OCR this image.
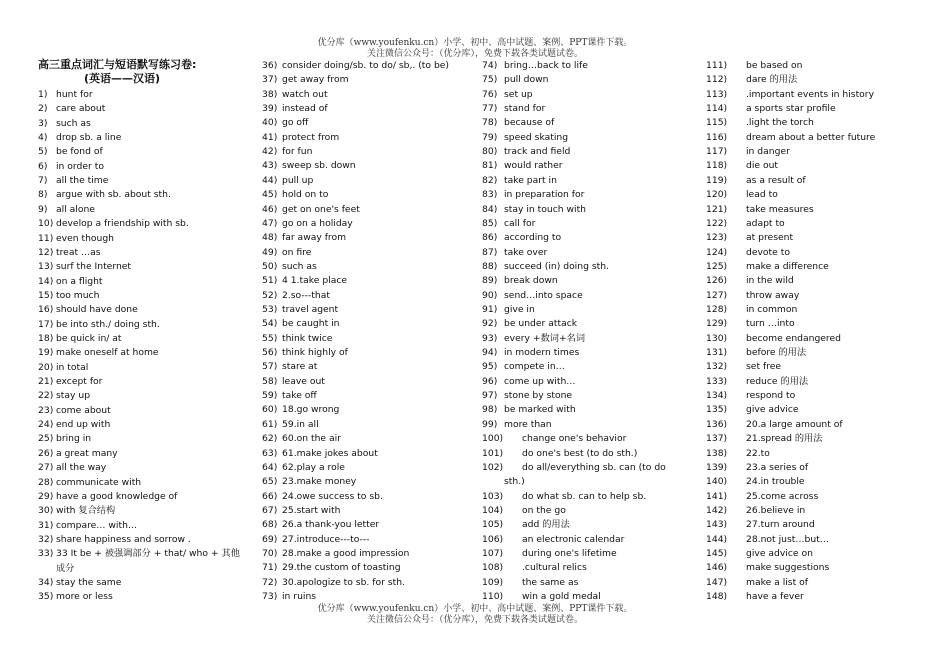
优分库（www.youfenku.cn）小学、初中、高中试题、案例、PPT课件下载。
关注微信公众号：（优分库），免费下载各类试题试卷。
高三重点词汇与短语默写练习卷:
(英语——汉语)
1) hunt for
2) care about
3) such as
4) drop sb. a line
5) be fond of
6) in order to
7) all the time
8) argue with sb. about sth.
9) all alone
10) develop a friendship with sb.
11) even though
12) treat …as
13) surf the Internet
14) on a flight
15) too much
16) should have done
17) be into sth./ doing sth.
18) be quick in/ at
19) make oneself at home
20) in total
21) except for
22) stay up
23) come about
24) end up with
25) bring in
26) a great many
27) all the way
28) communicate with
29) have a good knowledge of
30) with 复合结构
31) compare… with…
32) share happiness and sorrow .
33) 33 It be + 被强调部分 + that/ who + 其他
成分
34) stay the same
35) more or less
36) consider doing/sb. to do/ sb,. (to be)
37) get away from
38) watch out
39) instead of
40) go off
41) protect from
42) for fun
43) sweep sb. down
44) pull up
45) hold on to
46) get on one's feet
47) go on a holiday
48) far away from
49) on fire
50) such as
51) 4 1.take place
52) 2.so---that
53) travel agent
54) be caught in
55) think twice
56) think highly of
57) stare at
58) leave out
59) take off
60) 18.go wrong
61) 59.in all
62) 60.on the air
63) 61.make jokes about
64) 62.play a role
65) 23.make money
66) 24.owe success to sb.
67) 25.start with
68) 26.a thank-you letter
69) 27.introduce---to---
70) 28.make a good impression
71) 29.the custom of toasting
72) 30.apologize to sb. for sth.
73) in ruins
74) bring…back to life
75) pull down
76) set up
77) stand for
78) because of
79) speed skating
80) track and field
81) would rather
82) take part in
83) in preparation for
84) stay in touch with
85) call for
86) according to
87) take over
88) succeed (in) doing sth.
89) break down
90) send…into space
91) give in
92) be under attack
93) every +数词+名词
94) in modern times
95) compete in…
96) come up with…
97) stone by stone
98) be marked with
99) more than
100) change one's behavior
101) do one's best (to do sth.)
102) do all/everything sb. can (to do
sth.)
103) do what sb. can to help sb.
104) on the go
105) add 的用法
106) an electronic calendar
107) during one's lifetime
108) .cultural relics
109) the same as
110) win a gold medal
111) be based on
112) dare 的用法
113) .important events in history
114) a sports star profile
115) .light the torch
116) dream about a better future
117) in danger
118) die out
119) as a result of
120) lead to
121) take measures
122) adapt to
123) at present
124) devote to
125) make a difference
126) in the wild
127) throw away
128) in common
129) turn …into
130) become endangered
131) before 的用法
132) set free
133) reduce 的用法
134) respond to
135) give advice
136) 20.a large amount of
137) 21.spread 的用法
138) 22.to
139) 23.a series of
140) 24.in trouble
141) 25.come across
142) 26.believe in
143) 27.turn around
144) 28.not just…but…
145) give advice on
146) make suggestions
147) make a list of
148) have a fever
优分库（www.youfenku.cn）小学、初中、高中试题、案例、PPT课件下载。
关注微信公众号：（优分库），免费下载各类试题试卷。
